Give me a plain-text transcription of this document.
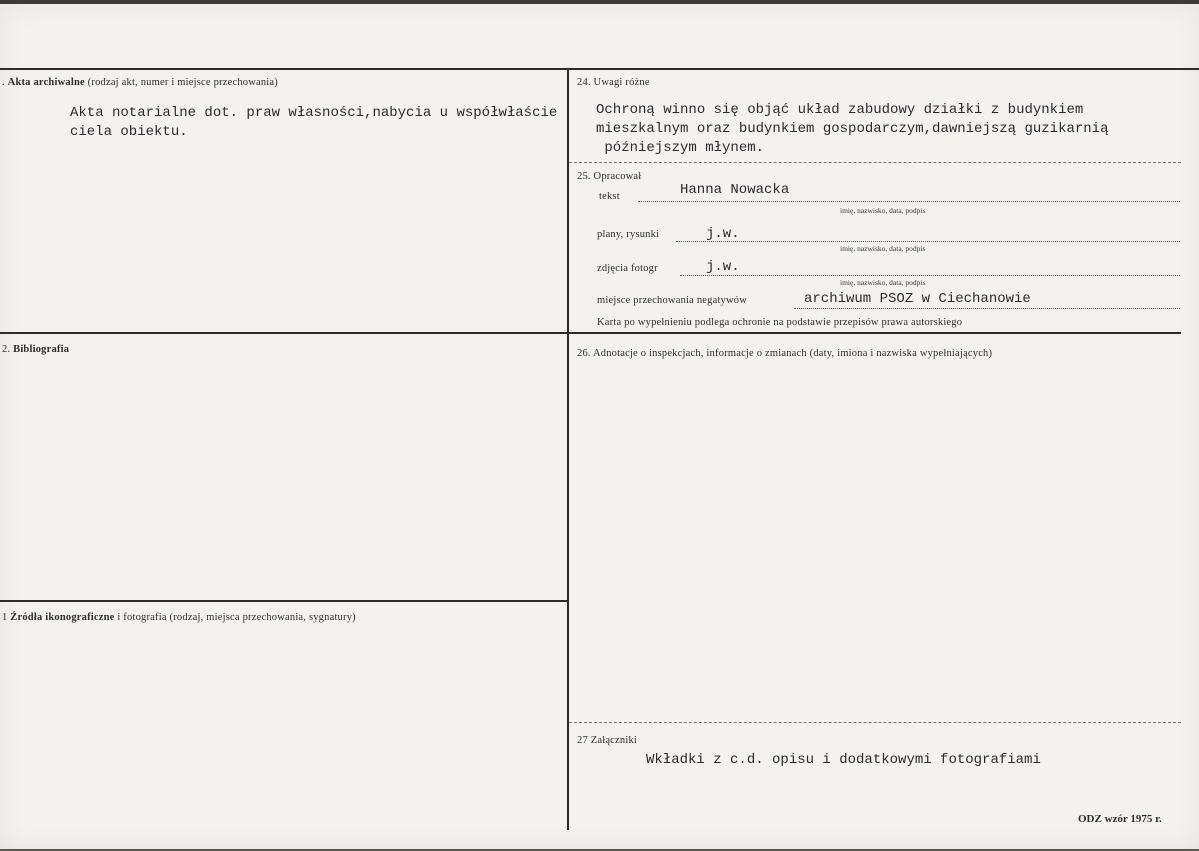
. Akta archiwalne (rodzaj akt, numer i miejsce przechowania)
Akta notarialne dot. praw własności,nabycia u współwłaście
ciela obiektu.
2. Bibliografia
1 Źródła ikonograficzne i fotografia (rodzaj, miejsca przechowania, sygnatury)
24. Uwagi różne
Ochroną winno się objąć układ zabudowy działki z budynkiem
mieszkalnym oraz budynkiem gospodarczym,dawniejszą guzikarnią
późniejszym młynem.
25. Opracował
tekst	Hanna Nowacka
imię, nazwisko, data, podpis
plany, rysunki	j.w.
imię, nazwisko, data, podpis
zdjęcia fotogr	j.w.
imię, nazwisko, data, podpis
miejsce przechowania negatywów	archiwum PSOZ w Ciechanowie
Karta po wypełnieniu podlega ochronie na podstawie przepisów prawa autorskiego
26. Adnotacje o inspekcjach, informacje o zmianach (daty, imiona i nazwiska wypełniających)
27 Załączniki
Wkładki z c.d. opisu i dodatkowymi fotografiami
ODZ wzór 1975 r.
